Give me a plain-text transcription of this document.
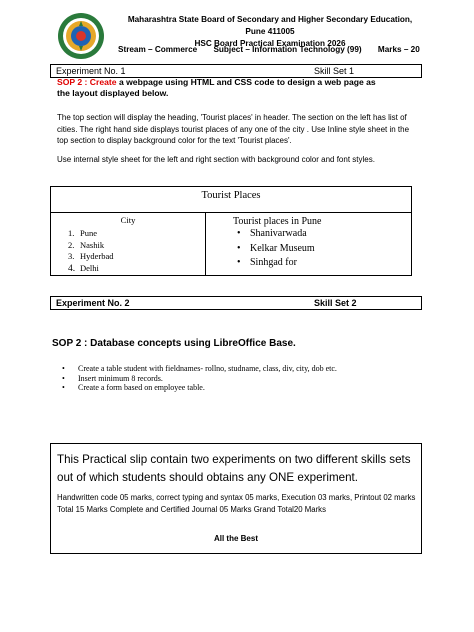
Maharashtra State Board of Secondary and Higher Secondary Education,
Pune 411005
HSC Board Practical Examination 2026
Stream – Commerce Subject – Information Technology (99) Marks – 20
Experiment No. 1	Skill Set 1
SOP 2 : Create a webpage using HTML and CSS code to design a web page as
the layout displayed below.
The top section will display the heading, 'Tourist places' in header. The section on the left has list of cities. The right hand side displays tourist places of any one of the city . Use Inline style sheet in the top section to display background color for the text 'Tourist places'.
Use internal style sheet for the left and right section with background color and font styles.
Tourist Places
City
1. Pune
2. Nashik
3. Hyderbad
4. Delhi
Tourist places in Pune
• Shanivarwada
• Kelkar Museum
• Sinhgad for
Experiment No. 2	Skill Set 2
SOP 2 : Database concepts using LibreOffice Base.
• Create a table student with fieldnames- rollno, studname, class, div, city, dob etc.
• Insert minimum 8 records.
• Create a form based on employee table.
This Practical slip contain two experiments on two different skills sets out of which students should obtains any ONE experiment.
Handwritten code 05 marks, correct typing and syntax 05 marks, Execution 03 marks, Printout 02 marks Total 15 Marks Complete and Certified Journal 05 Marks Grand Total20 Marks
All the Best
